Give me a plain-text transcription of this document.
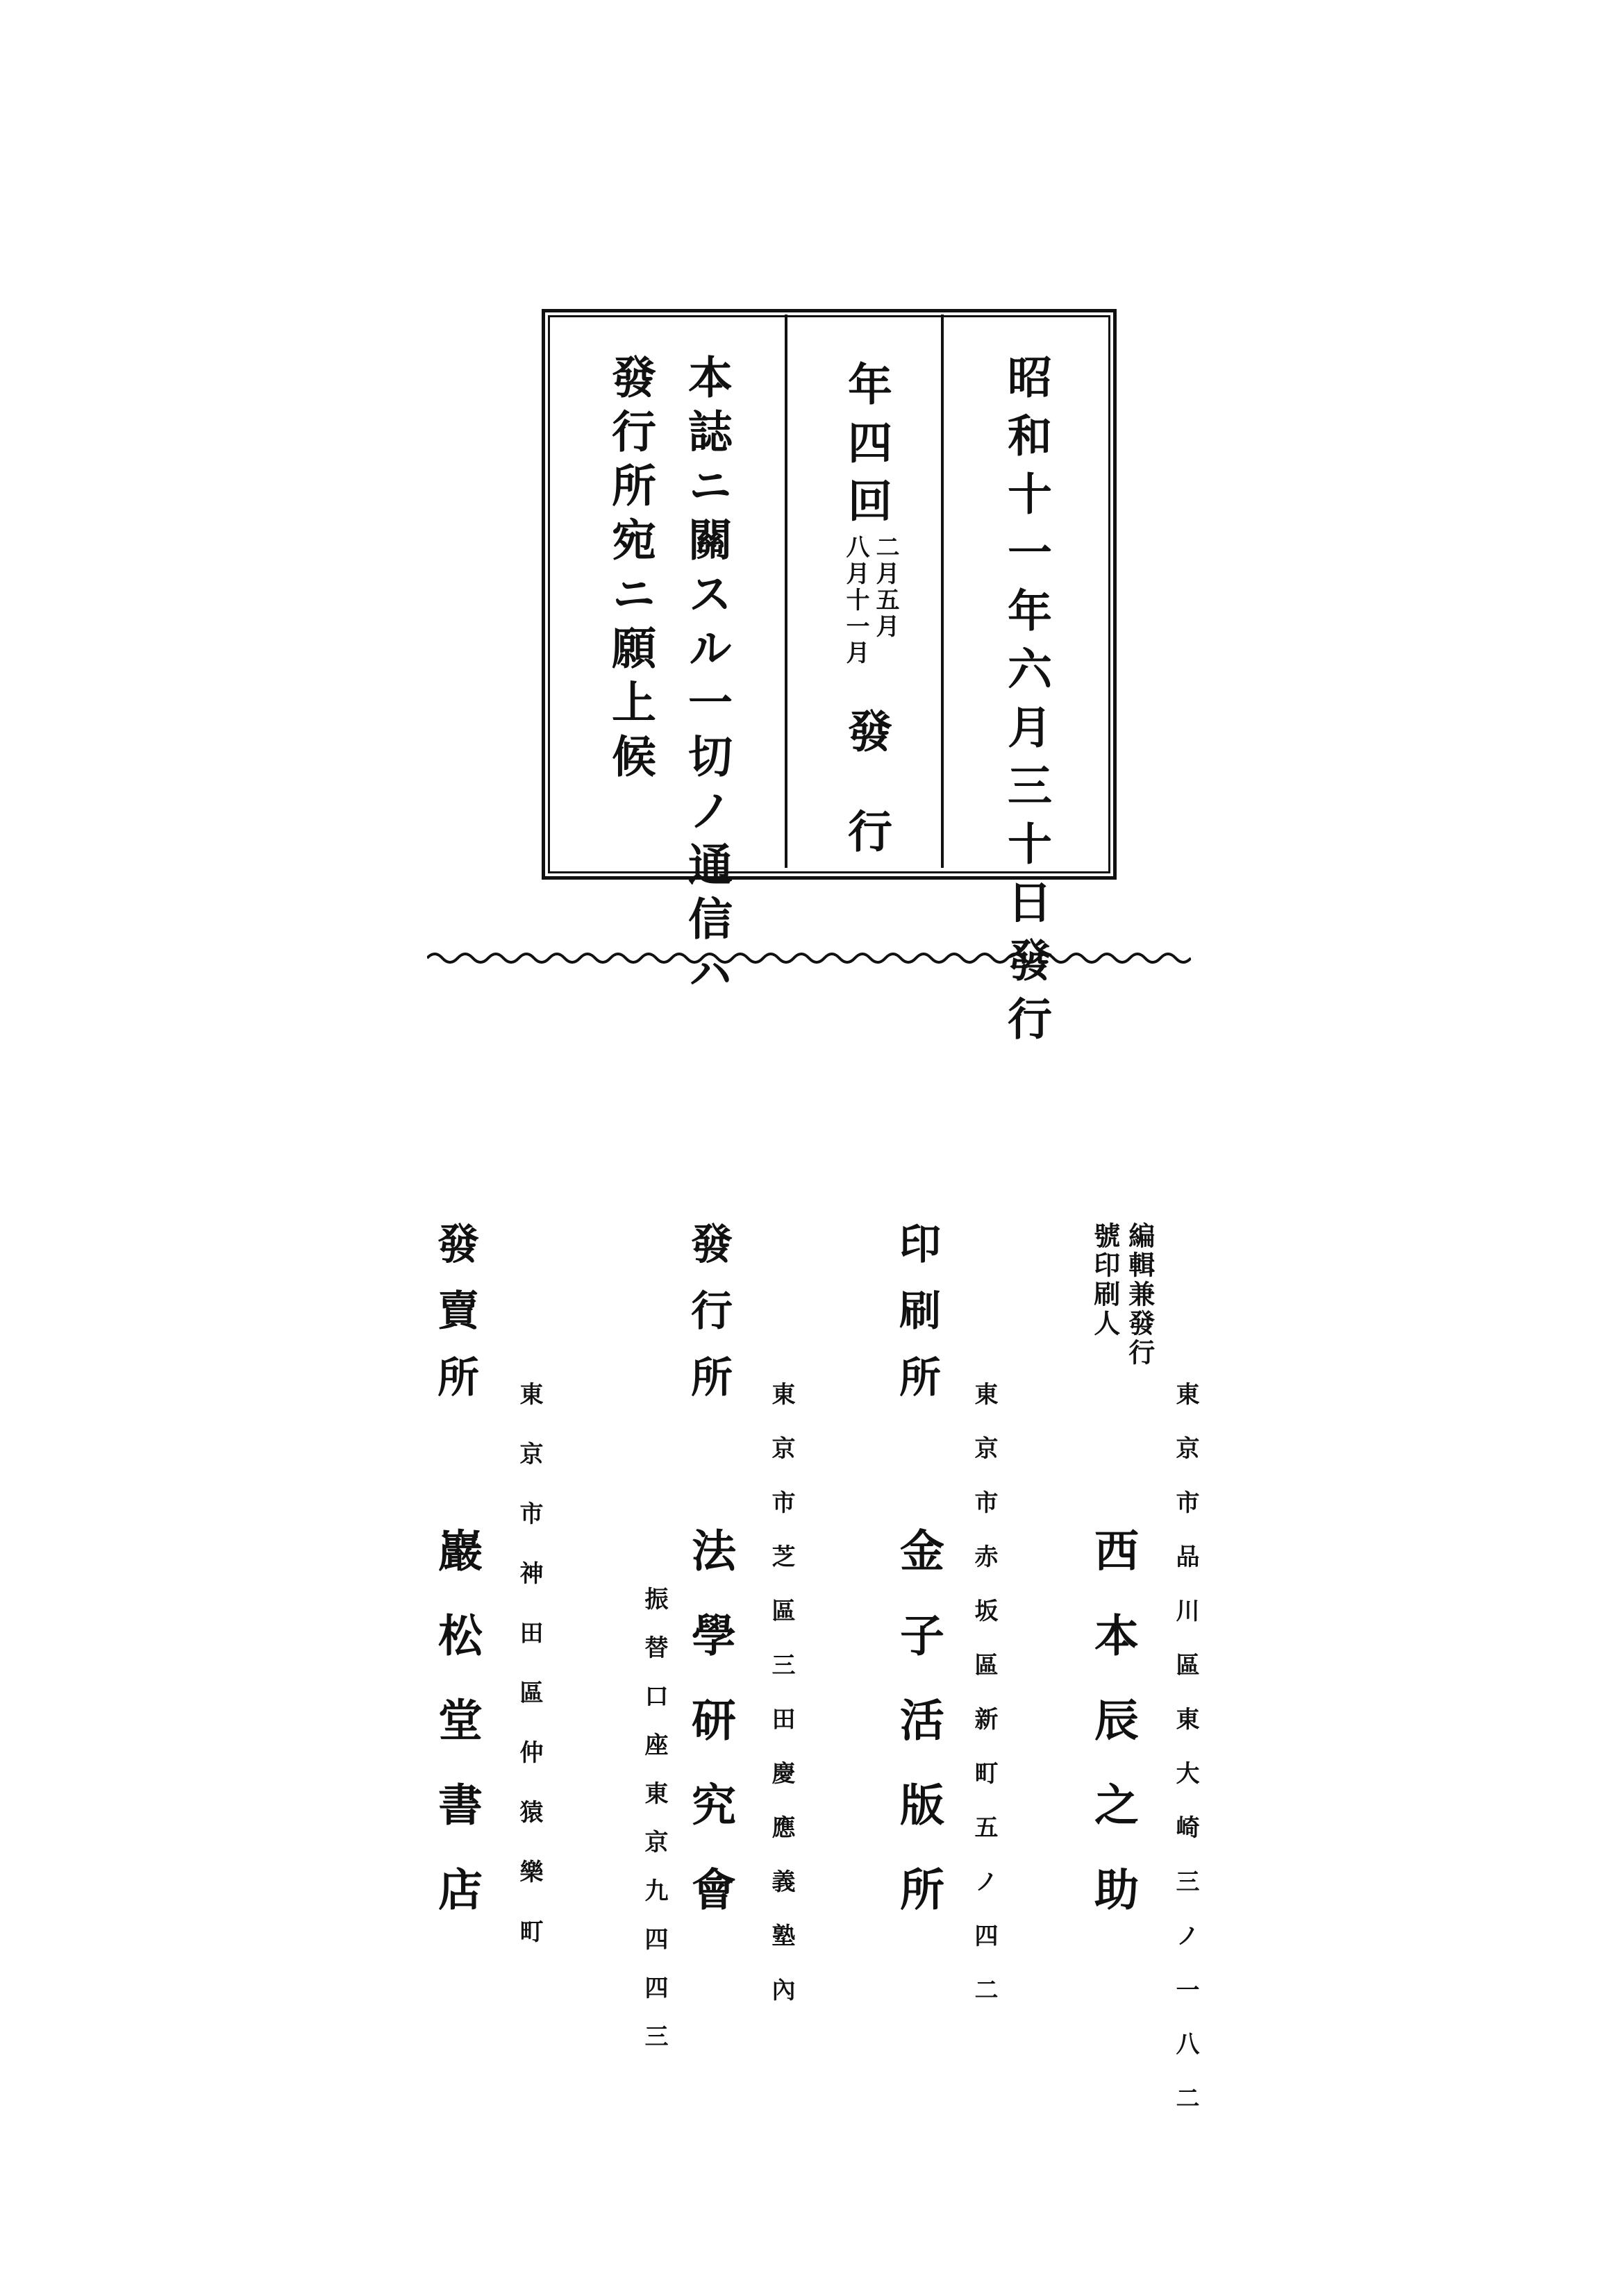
昭和十一年六月三十日發行
年四回
二月五月
八月十一月
發行
本誌ニ關スル一切ノ通信ハ
發行所宛ニ願上候
東京市品川區東大崎三ノ一八二
編輯兼發行
號印刷人
西本辰之助
印刷所
東京市赤坂區新町五ノ四二
金子活版所
發行所
東京市芝區三田慶應義塾內
法學研究會
振替口座東京九四四三
發賣所
東京市神田區仲猿樂町
巖松堂書店
